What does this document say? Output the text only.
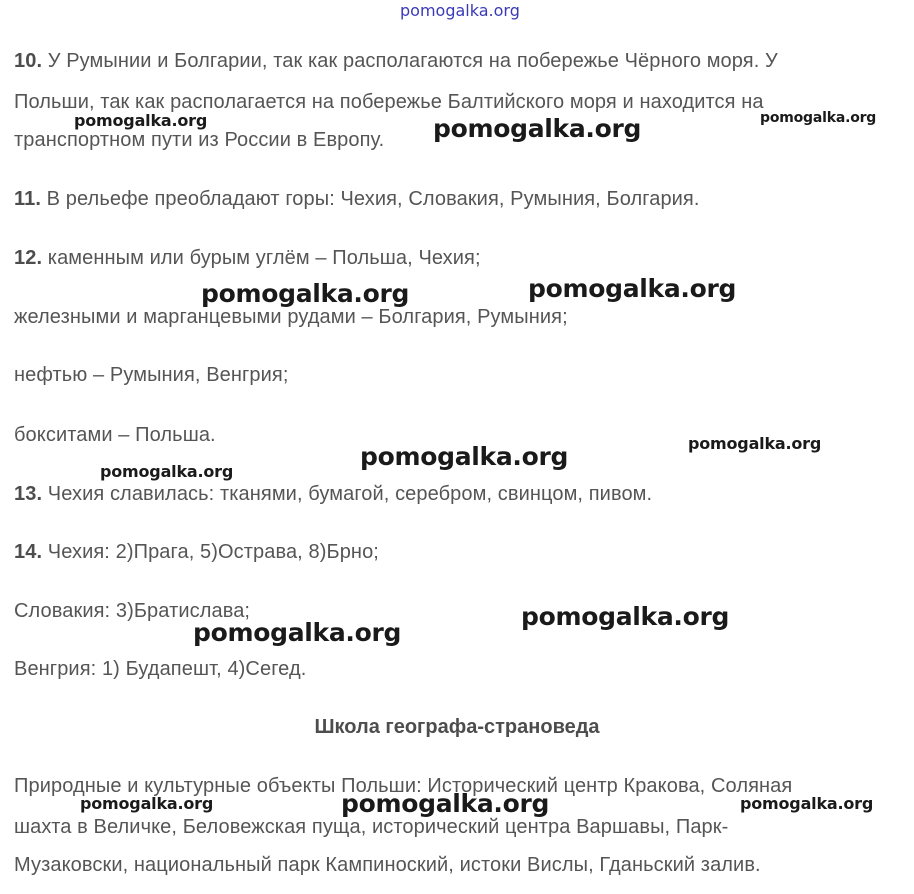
pomogalka.org
10. У Румынии и Болгарии, так как располагаются на побережье Чёрного моря. У
Польши, так как располагается на побережье Балтийского моря и находится на
транспортном пути из России в Европу.
11. В рельефе преобладают горы: Чехия, Словакия, Румыния, Болгария.
12. каменным или бурым углём – Польша, Чехия;
железными и марганцевыми рудами – Болгария, Румыния;
нефтью – Румыния, Венгрия;
бокситами – Польша.
13. Чехия славилась: тканями, бумагой, серебром, свинцом, пивом.
14. Чехия: 2)Прага, 5)Острава, 8)Брно;
Словакия: 3)Братислава;
Венгрия: 1) Будапешт, 4)Сегед.
Школа географа-страноведа
Природные и культурные объекты Польши: Исторический центр Кракова, Соляная
шахта в Величке, Беловежская пуща, исторический центра Варшавы, Парк-
Музаковски, национальный парк Кампиноский, истоки Вислы, Гданьский залив.
pomogalka.org	pomogalka.org	pomogalka.org
pomogalka.org	pomogalka.org
pomogalka.org
pomogalka.org
pomogalka.org
pomogalka.org
pomogalka.org
pomogalka.org	pomogalka.org	pomogalka.org
